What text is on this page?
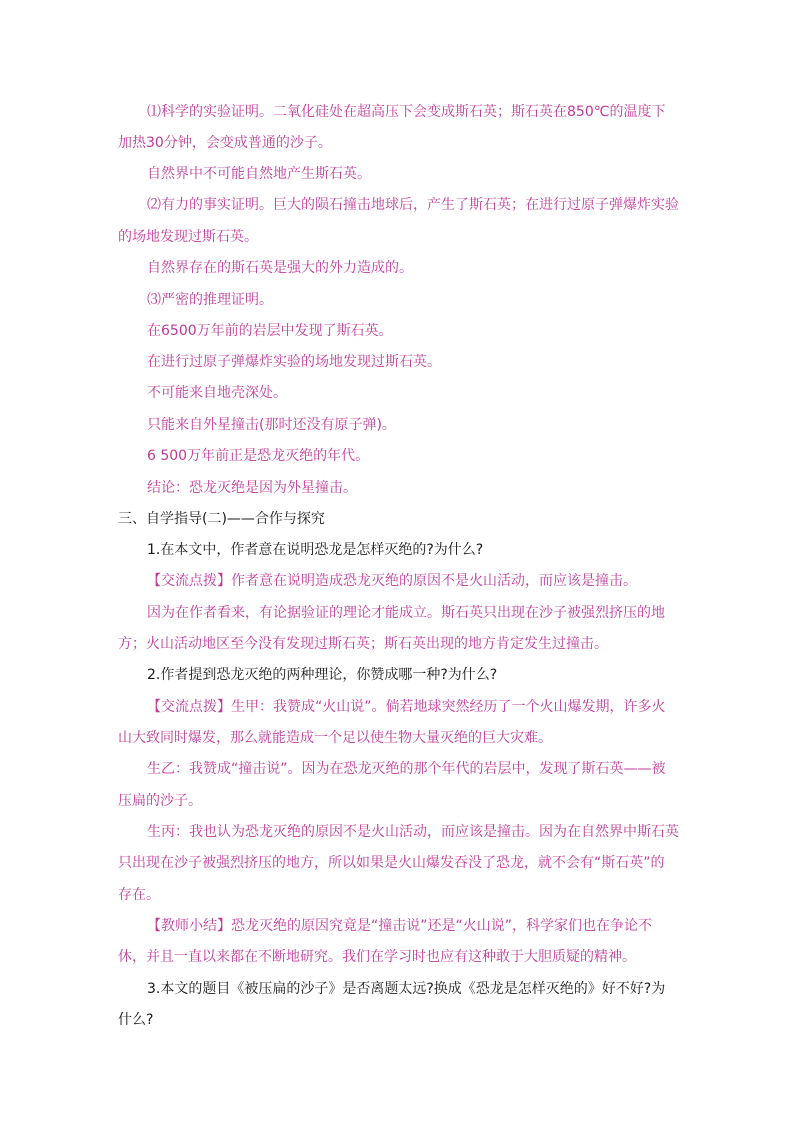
⑴科学的实验证明。二氧化硅处在超高压下会变成斯石英；斯石英在850℃的温度下
加热30分钟，会变成普通的沙子。
自然界中不可能自然地产生斯石英。
⑵有力的事实证明。巨大的陨石撞击地球后，产生了斯石英；在进行过原子弹爆炸实验
的场地发现过斯石英。
自然界存在的斯石英是强大的外力造成的。
⑶严密的推理证明。
在6500万年前的岩层中发现了斯石英。
在进行过原子弹爆炸实验的场地发现过斯石英。
不可能来自地壳深处。
只能来自外星撞击(那时还没有原子弹)。
6 500万年前正是恐龙灭绝的年代。
结论：恐龙灭绝是因为外星撞击。
三、自学指导(二)——合作与探究
1.在本文中，作者意在说明恐龙是怎样灭绝的?为什么?
【交流点拨】作者意在说明造成恐龙灭绝的原因不是火山活动，而应该是撞击。
因为在作者看来，有论据验证的理论才能成立。斯石英只出现在沙子被强烈挤压的地
方；火山活动地区至今没有发现过斯石英；斯石英出现的地方肯定发生过撞击。
2.作者提到恐龙灭绝的两种理论，你赞成哪一种?为什么?
【交流点拨】生甲：我赞成“火山说”。倘若地球突然经历了一个火山爆发期，许多火
山大致同时爆发，那么就能造成一个足以使生物大量灭绝的巨大灾难。
生乙：我赞成“撞击说”。因为在恐龙灭绝的那个年代的岩层中，发现了斯石英——被
压扁的沙子。
生丙：我也认为恐龙灭绝的原因不是火山活动，而应该是撞击。因为在自然界中斯石英
只出现在沙子被强烈挤压的地方，所以如果是火山爆发吞没了恐龙，就不会有“斯石英”的
存在。
【教师小结】恐龙灭绝的原因究竟是“撞击说”还是“火山说”，科学家们也在争论不
休，并且一直以来都在不断地研究。我们在学习时也应有这种敢于大胆质疑的精神。
3.本文的题目《被压扁的沙子》是否离题太远?换成《恐龙是怎样灭绝的》好不好?为
什么?
